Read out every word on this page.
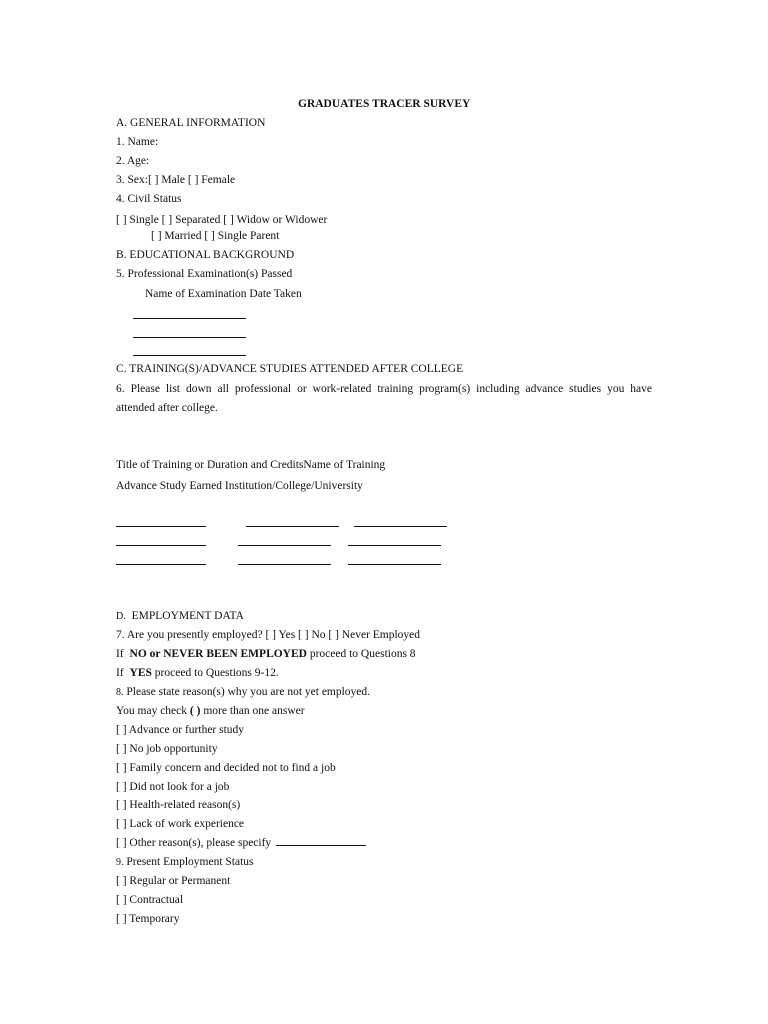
GRADUATES TRACER SURVEY
A. GENERAL INFORMATION
1. Name:
2. Age:
3. Sex:[ ] Male [ ] Female
4. Civil Status
[ ] Single [ ] Separated [ ] Widow or Widower
[ ] Married [ ] Single Parent
B. EDUCATIONAL BACKGROUND
5. Professional Examination(s) Passed
Name of Examination Date Taken
C. TRAINING(S)/ADVANCE STUDIES ATTENDED AFTER COLLEGE
6. Please list down all professional or work-related training program(s) including advance studies you have
attended after college.
Title of Training or Duration and CreditsName of Training
Advance Study Earned Institution/College/University
D. EMPLOYMENT DATA
7. Are you presently employed? [ ] Yes [ ] No [ ] Never Employed
If NO or NEVER BEEN EMPLOYED proceed to Questions 8
If YES proceed to Questions 9-12.
8. Please state reason(s) why you are not yet employed.
You may check ( ) more than one answer
[ ] Advance or further study
[ ] No job opportunity
[ ] Family concern and decided not to find a job
[ ] Did not look for a job
[ ] Health-related reason(s)
[ ] Lack of work experience
[ ] Other reason(s), please specify
9. Present Employment Status
[ ] Regular or Permanent
[ ] Contractual
[ ] Temporary
